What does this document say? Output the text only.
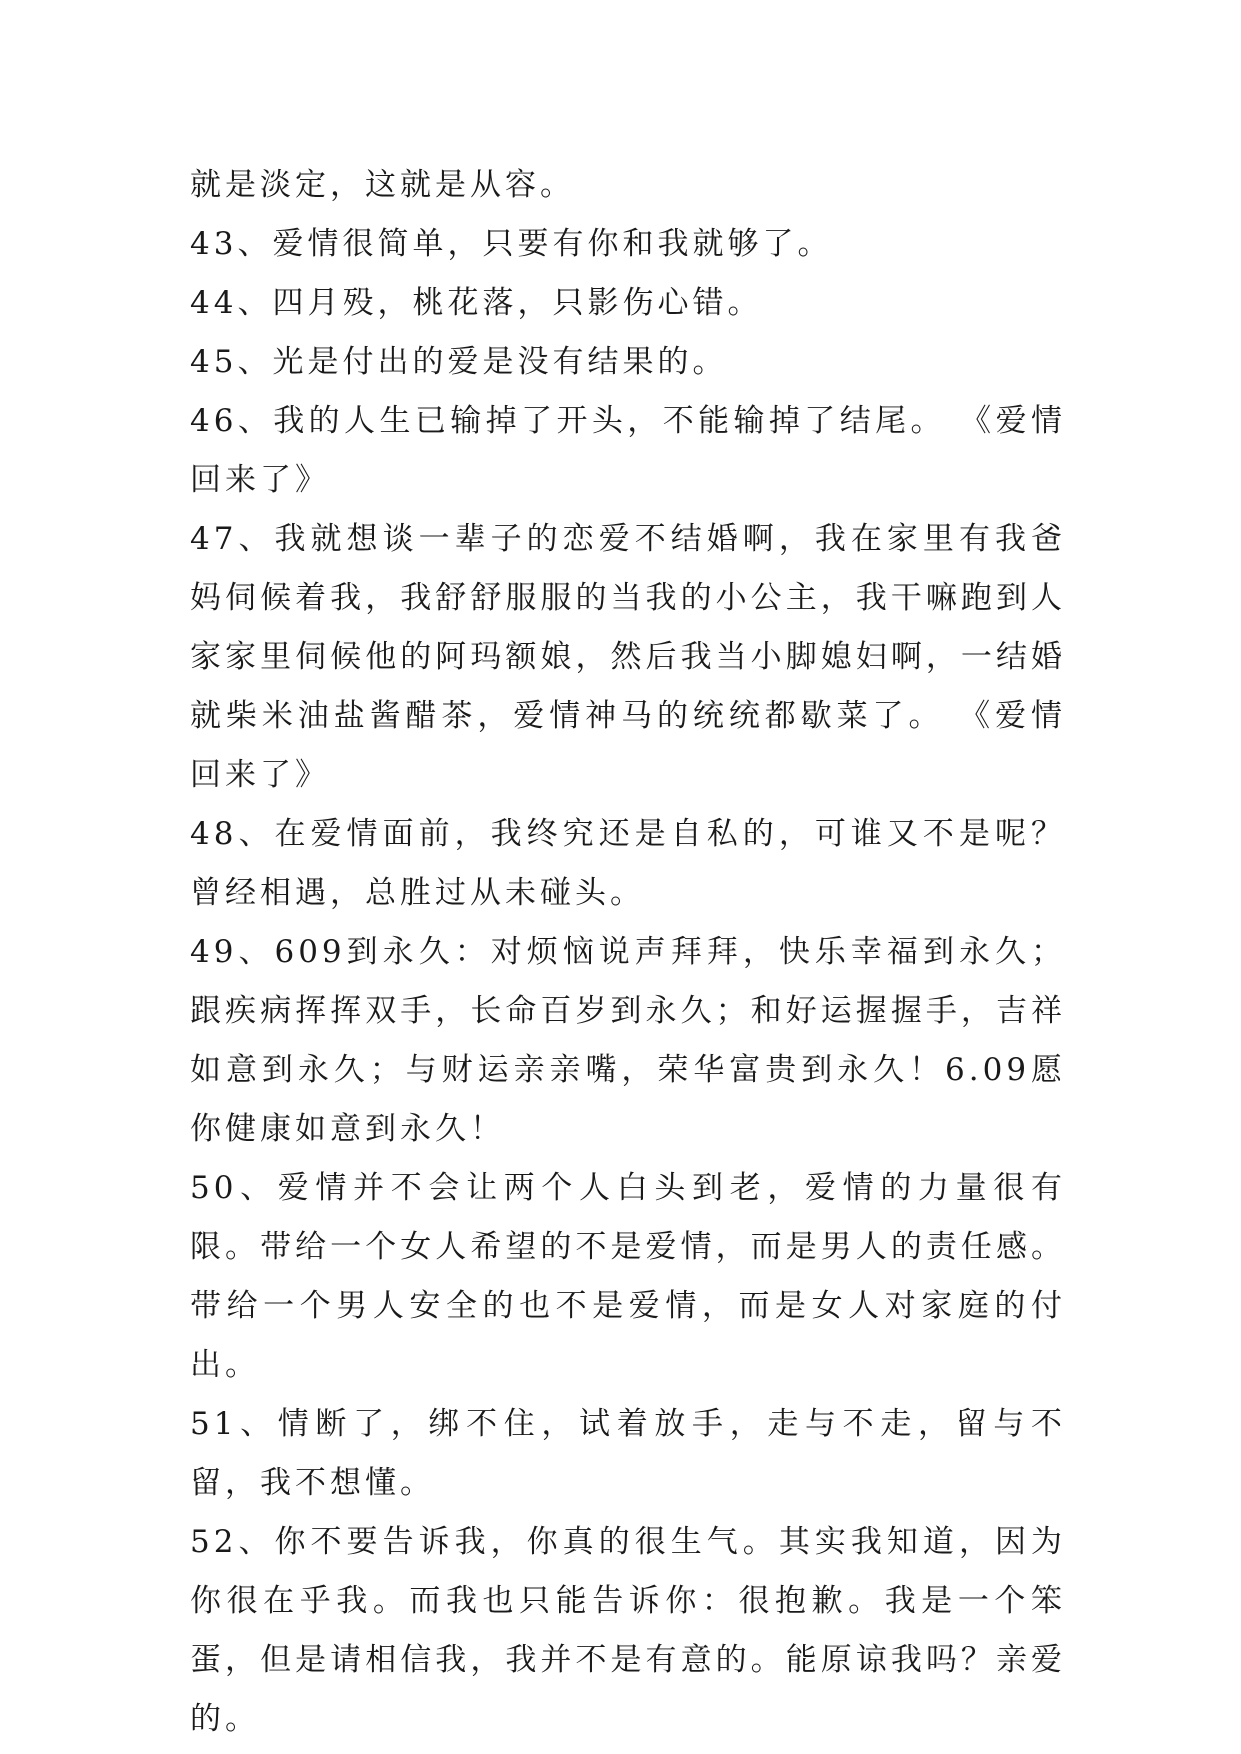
就是淡定，这就是从容。

43、爱情很简单，只要有你和我就够了。

44、四月殁，桃花落，只影伤心错。

45、光是付出的爱是没有结果的。

46、我的人生已输掉了开头，不能输掉了结尾。 《爱情回来了》

47、我就想谈一辈子的恋爱不结婚啊，我在家里有我爸妈伺候着我，我舒舒服服的当我的小公主，我干嘛跑到人家家里伺候他的阿玛额娘，然后我当小脚媳妇啊，一结婚就柴米油盐酱醋茶，爱情神马的统统都歇菜了。 《爱情回来了》

48、在爱情面前，我终究还是自私的，可谁又不是呢？曾经相遇，总胜过从未碰头。

49、609到永久：对烦恼说声拜拜，快乐幸福到永久；跟疾病挥挥双手，长命百岁到永久；和好运握握手，吉祥如意到永久；与财运亲亲嘴，荣华富贵到永久！6.09愿你健康如意到永久！

50、爱情并不会让两个人白头到老，爱情的力量很有限。带给一个女人希望的不是爱情，而是男人的责任感。带给一个男人安全的也不是爱情，而是女人对家庭的付出。

51、情断了，绑不住，试着放手，走与不走，留与不留，我不想懂。

52、你不要告诉我，你真的很生气。其实我知道，因为你很在乎我。而我也只能告诉你：很抱歉。我是一个笨蛋，但是请相信我，我并不是有意的。能原谅我吗？亲爱的。
